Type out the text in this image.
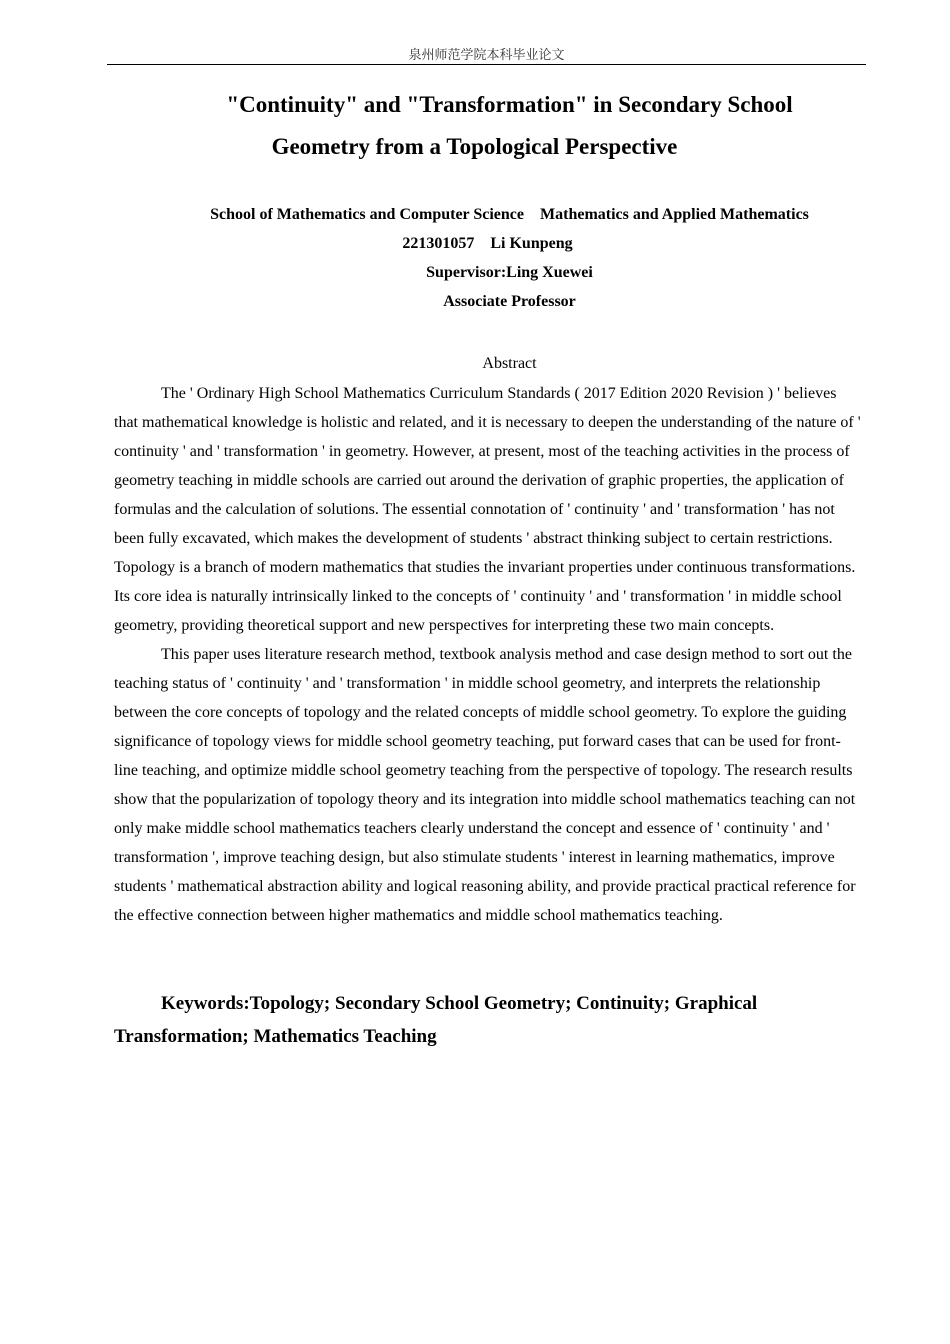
泉州师范学院本科毕业论文
"Continuity" and "Transformation" in Secondary School
Geometry from a Topological Perspective

School of Mathematics and Computer Science Mathematics and Applied Mathematics

221301057 Li Kunpeng

Supervisor:Ling Xuewei

Associate Professor

Abstract

The ' Ordinary High School Mathematics Curriculum Standards ( 2017 Edition 2020 Revision ) ' believes that mathematical knowledge is holistic and related, and it is necessary to deepen the understanding of the nature of ' continuity ' and ' transformation ' in geometry. However, at present, most of the teaching activities in the process of geometry teaching in middle schools are carried out around the derivation of graphic properties, the application of formulas and the calculation of solutions. The essential connotation of ' continuity ' and ' transformation ' has not been fully excavated, which makes the development of students ' abstract thinking subject to certain restrictions. Topology is a branch of modern mathematics that studies the invariant properties under continuous transformations. Its core idea is naturally intrinsically linked to the concepts of ' continuity ' and ' transformation ' in middle school geometry, providing theoretical support and new perspectives for interpreting these two main concepts.

This paper uses literature research method, textbook analysis method and case design method to sort out the teaching status of ' continuity ' and ' transformation ' in middle school geometry, and interprets the relationship between the core concepts of topology and the related concepts of middle school geometry. To explore the guiding significance of topology views for middle school geometry teaching, put forward cases that can be used for front-line teaching, and optimize middle school geometry teaching from the perspective of topology. The research results show that the popularization of topology theory and its integration into middle school mathematics teaching can not only make middle school mathematics teachers clearly understand the concept and essence of ' continuity ' and ' transformation ', improve teaching design, but also stimulate students ' interest in learning mathematics, improve students ' mathematical abstraction ability and logical reasoning ability, and provide practical practical reference for the effective connection between higher mathematics and middle school mathematics teaching.

Keywords:Topology; Secondary School Geometry; Continuity; Graphical Transformation; Mathematics Teaching
